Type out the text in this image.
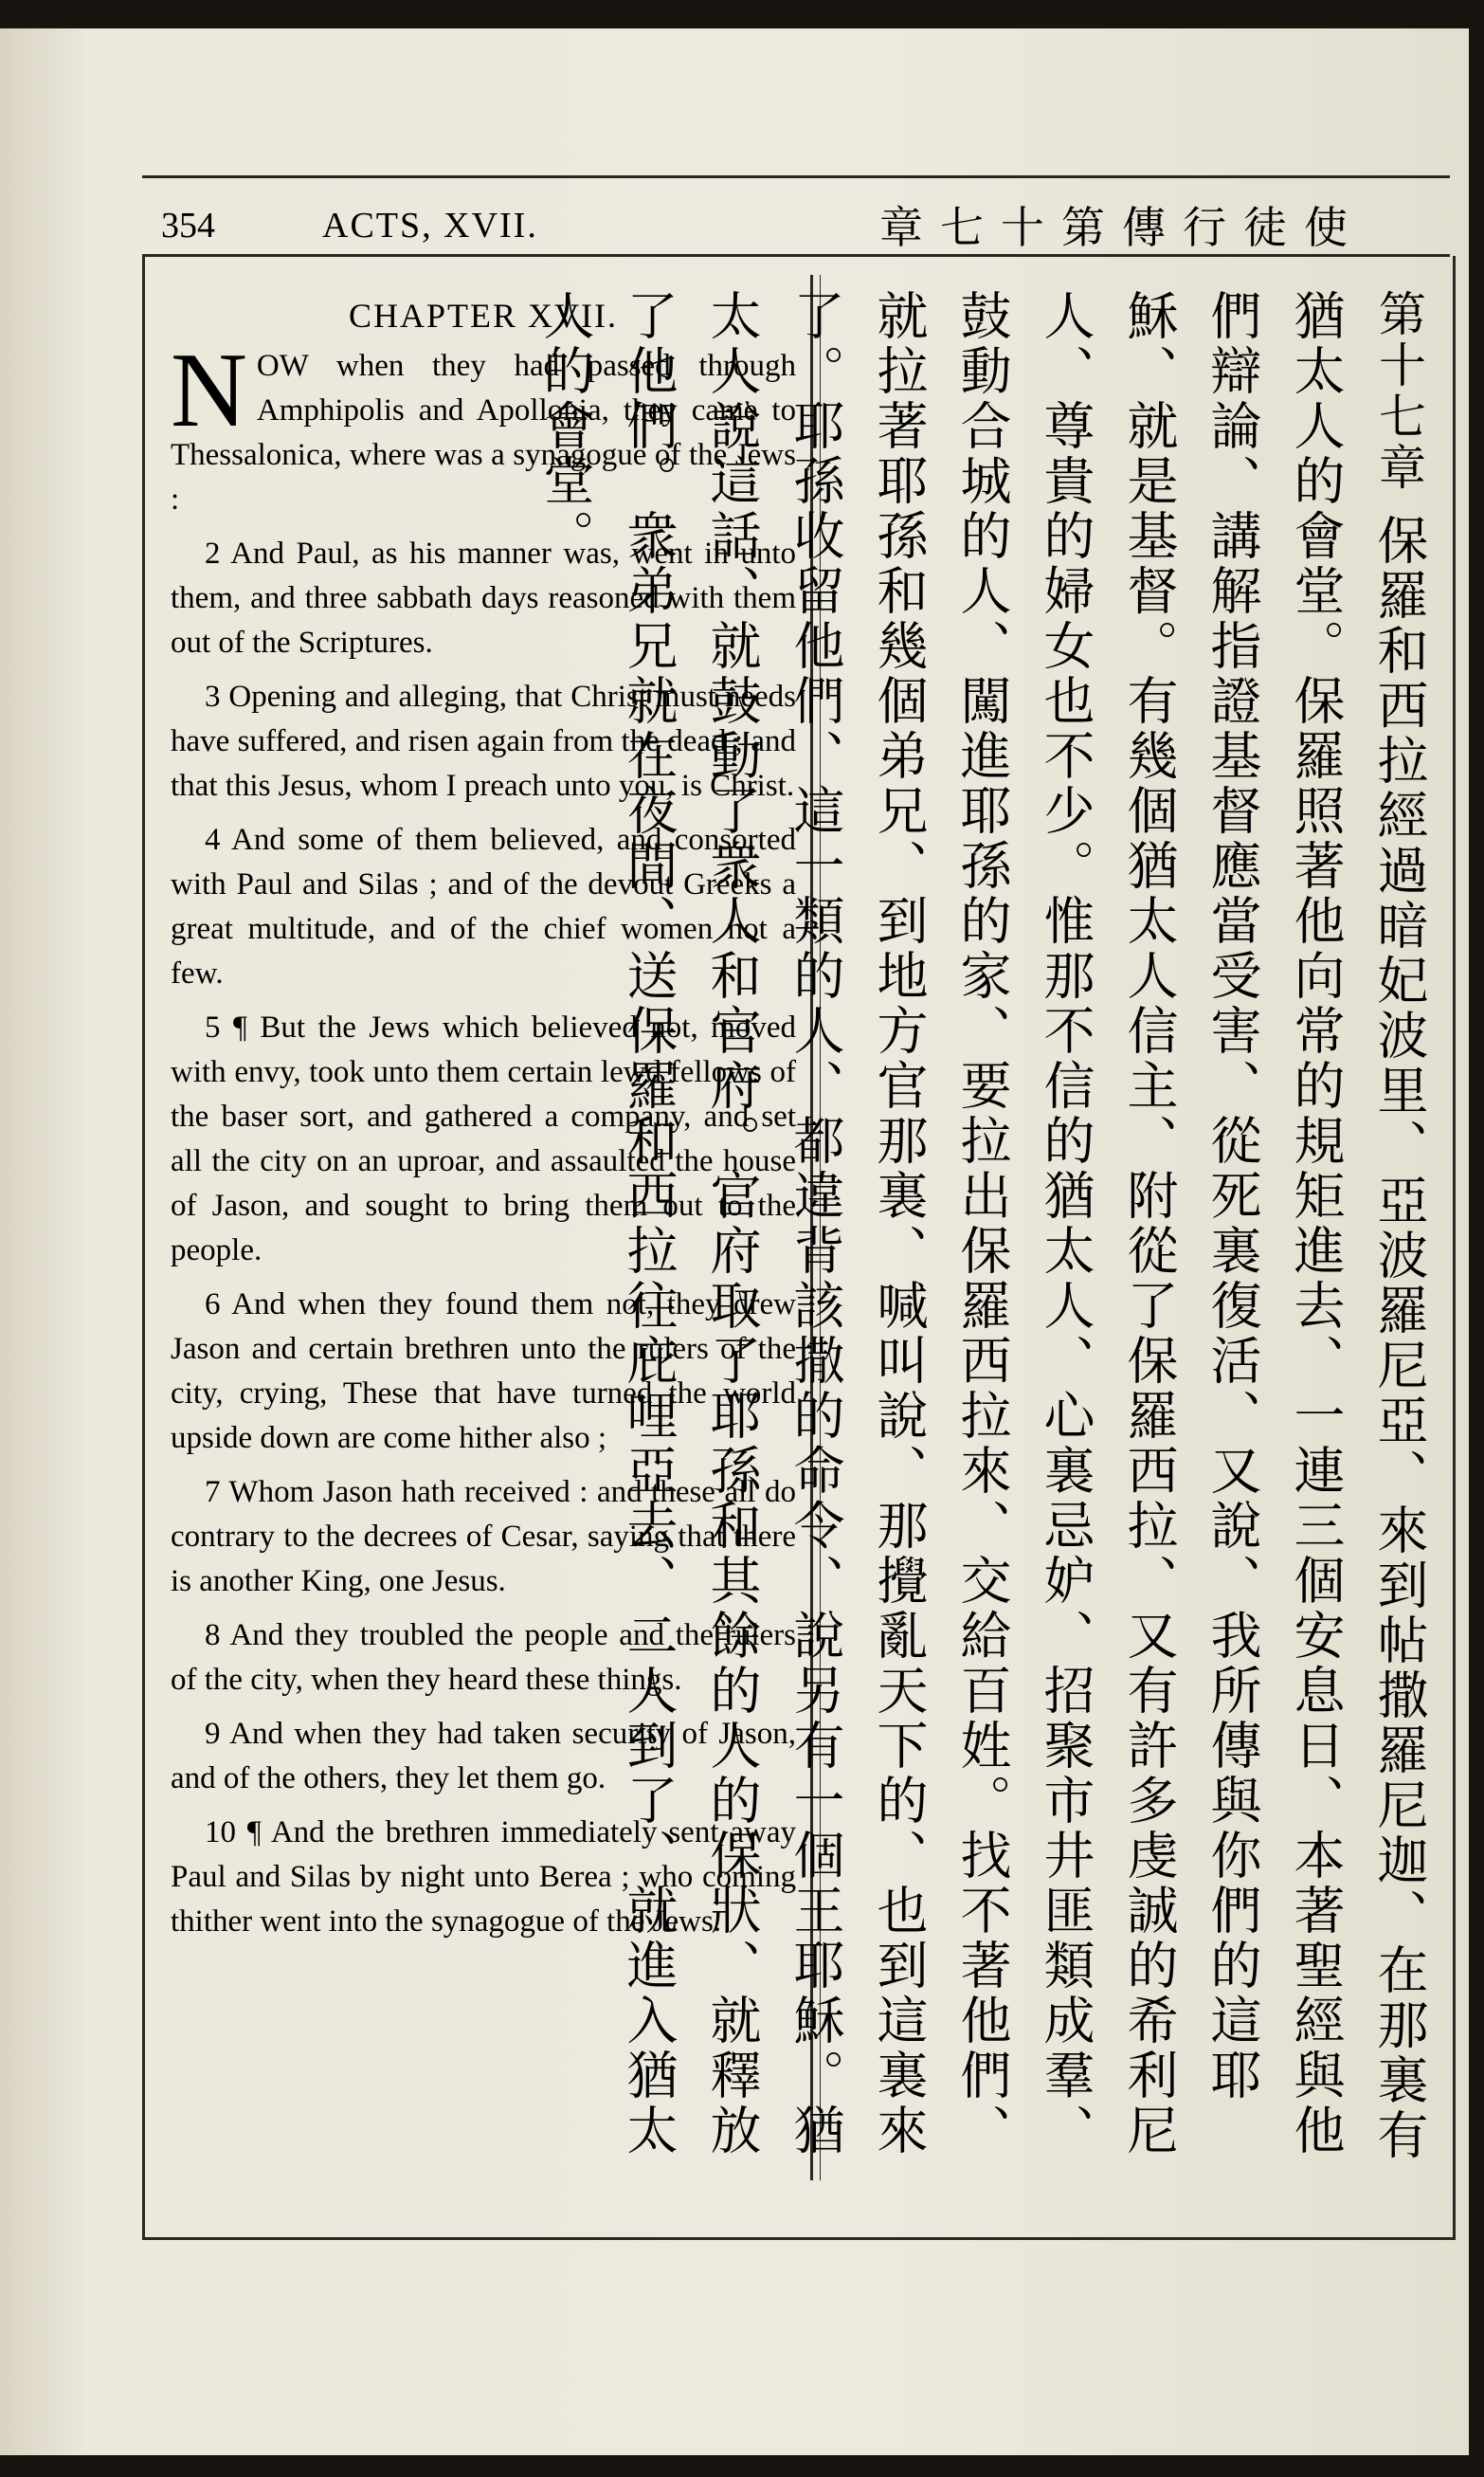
354	ACTS, XVII.	章七十第傳行徒使
CHAPTER XVII.

NOW when they had passed through Amphipolis and Apollonia, they came to Thessalonica, where was a synagogue of the Jews :

2 And Paul, as his manner was, went in unto them, and three sabbath days reasoned with them out of the Scriptures.

3 Opening and alleging, that Christ must needs have suffered, and risen again from the dead ; and that this Jesus, whom I preach unto you, is Christ.

4 And some of them believed, and consorted with Paul and Silas ; and of the devout Greeks a great multitude, and of the chief women not a few.

5 ¶ But the Jews which believed not, moved with envy, took unto them certain lewd fellows of the baser sort, and gathered a company, and set all the city on an uproar, and assaulted the house of Jason, and sought to bring them out to the people.

6 And when they found them not, they drew Jason and certain brethren unto the rulers of the city, crying, These that have turned the world upside down are come hither also ;

7 Whom Jason hath received : and these all do contrary to the decrees of Cesar, saying that there is another King, one Jesus.

8 And they troubled the people and the rulers of the city, when they heard these things.

9 And when they had taken security of Jason, and of the others, they let them go.

10 ¶ And the brethren immediately sent away Paul and Silas by night unto Berea ; who coming thither went into the synagogue of the Jews.

第十七章 保羅和西拉經過暗妃波里、亞波羅尼亞、來到帖撒羅尼迦、在那裏有猶太人的會堂。保羅照著他向常的規矩進去、一連三個安息日、本著聖經與他們辯論、講解指證基督應當受害、從死裏復活、又說、我所傳與你們的這耶穌、就是基督。有幾個猶太人信主、附從了保羅西拉、又有許多虔誠的希利尼人、尊貴的婦女也不少。惟那不信的猶太人、心裏忌妒、招聚市井匪類成羣、鼓動合城的人、闖進耶孫的家、要拉出保羅西拉來、交給百姓。找不著他們、就拉著耶孫和幾個弟兄、到地方官那裏、喊叫說、那攪亂天下的、也到這裏來了。耶孫收留他們、這一類的人、都違背該撒的命令、說另有一個王耶穌。猶太人說這話、就鼓動了衆人和官府。官府取了耶孫和其餘的人的保狀、就釋放了他們。衆弟兄就在夜間、送保羅和西拉往庇哩亞去、二人到了、就進入猶太人的會堂。
